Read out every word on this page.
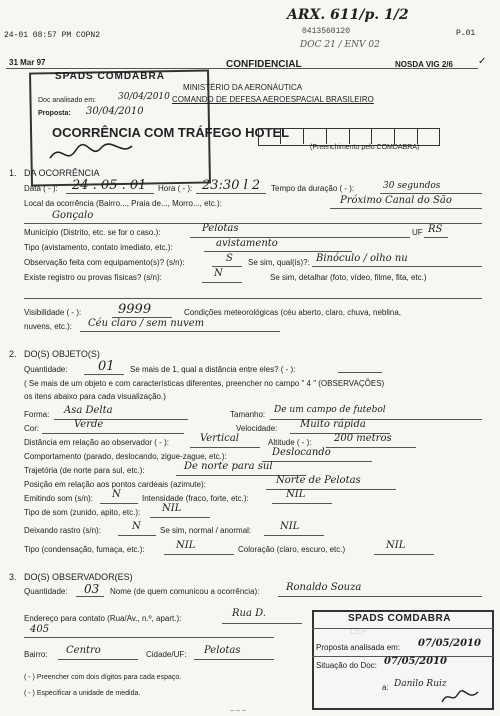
24-01 08:57 PM COPN2	0413560120	P.01
ARX. 611/p. 1/2
DOC 21 / ENV 02
✓
31 Mar 97	CONFIDENCIAL	NOSDA VIG 2/6
SPADS COMDABRA
MINISTÉRIO DA AERONÁUTICA
COMANDO DE DEFESA AEROESPACIAL BRASILEIRO
Doc analisado em: 30/04/2010
Proposta: 30/04/2010
OCORRÊNCIA COM TRÁFEGO HOTEL
(Preenchimento pelo COMDABRA)
1. DA OCORRÊNCIA
Data ( - ): 24 . 05 . 01 Hora ( - ): 23:30 l 2 Tempo da duração ( - ):	30 segundos
Local da ocorrência (Bairro..., Praia de..., Morro..., etc.):	Próximo Canal do São
Gonçalo
Município (Distrito, etc. se for o caso.):	Pelotas	UF RS
Tipo (avistamento, contato imediato, etc.):	avistamento
Observação feita com equipamento(s)? (s/n):	S Se sim, qual(is)?: Binóculo / olho nu
Existe registro ou provas físicas? (s/n):	N	Se sim, detalhar (foto, vídeo, filme, fita, etc.)
Visibilidade ( - ):	9999	Condições meteorológicas (céu aberto, claro, chuva, neblina,
nuvens, etc.): Céu claro / sem nuvem
2. DO(S) OBJETO(S)
Quantidade: 01 Se mais de 1, qual a distância entre eles? ( - ):
( Se mais de um objeto e com características diferentes, preencher no campo " 4 " (OBSERVAÇÕES)
os itens abaixo para cada visualização.)
Forma: Asa Delta	Tamanho: De um campo de futebol
Cor:	Verde	Velocidade: Muito rápida
Distância em relação ao observador ( - ):	Vertical	Altitude ( - ): 200 metros
Comportamento (parado, deslocando, zigue-zague, etc.):	Deslocando
Trajetória (de norte para sul, etc.):	De norte para sul
Posição em relação aos pontos cardeais (azimute):	Norte de Pelotas
Emitindo som (s/n): N	Intensidade (fraco, forte, etc.):	NIL
Tipo de som (zunido, apito, etc.): NIL
Deixando rastro (s/n):	N Se sim, normal / anormal:	NIL
Tipo (condensação, fumaça, etc.):	NIL	Coloração (claro, escuro, etc.)	NIL
3. DO(S) OBSERVADOR(ES)
Quantidade: 03 Nome (de quem comunicou a ocorrência):	Ronaldo Souza
Endereço para contato (Rua/Av., n.º, apart.):	Rua D.
405
Bairro: Centro	Cidade/UF: Pelotas
( - ) Preencher com dois dígitos para cada espaço.
( - ) Especificar a unidade de medida.
~ ~ ~
SPADS COMDABRA
Proposta analisada em: 07/05/2010
Situação do Doc: 07/05/2010
a: Danilo Ruiz
